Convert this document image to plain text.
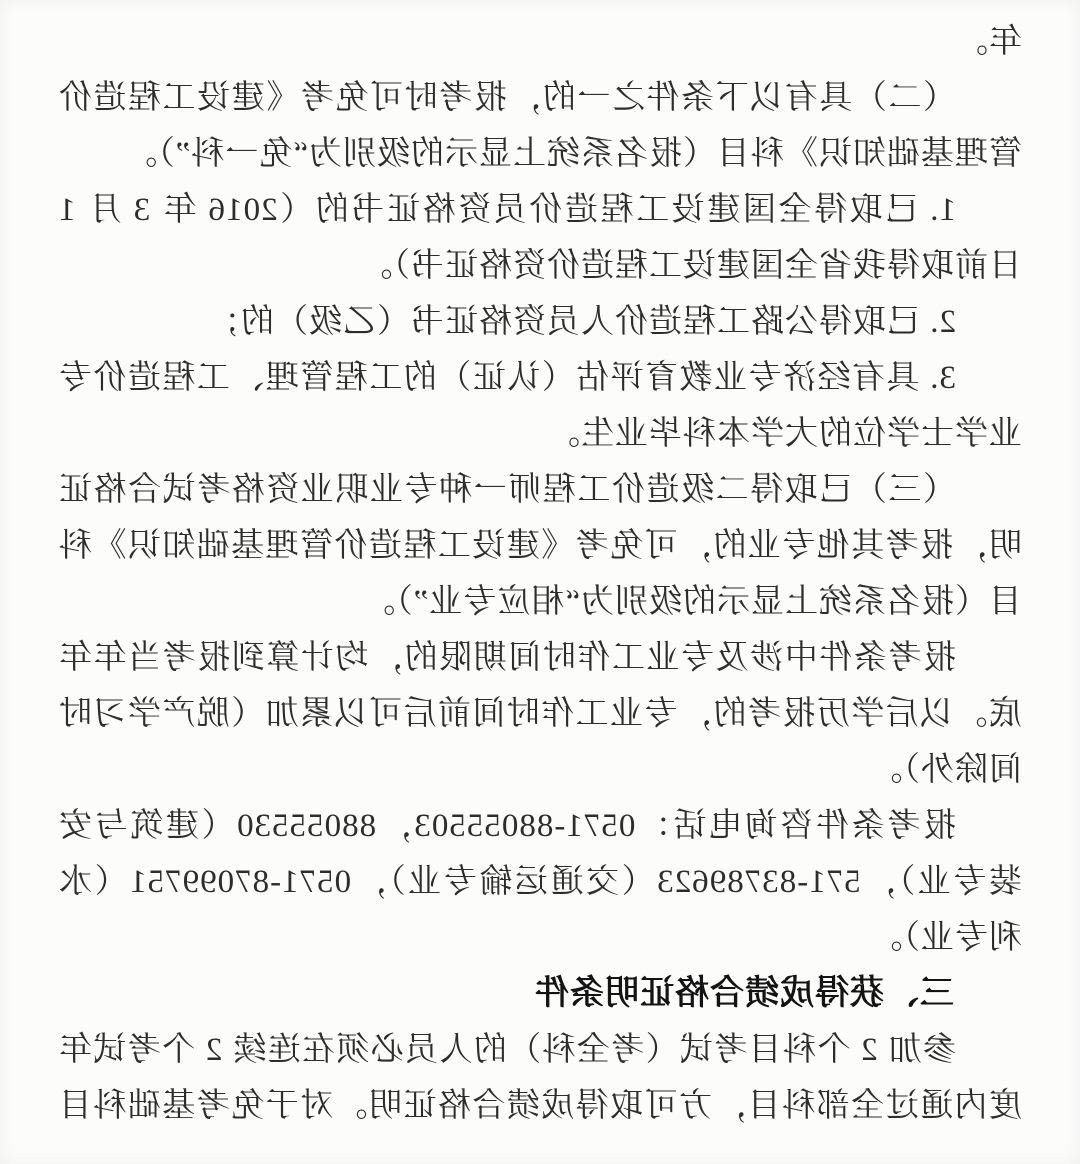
年。
（二）具有以下条件之一的，报考时可免考《建设工程造价
管理基础知识》科目（报名系统上显示的级别为“免一科”）。
1. 已取得全国建设工程造价员资格证书的（2016 年 3 月 1
日前取得我省全国建设工程造价资格证书）。
2. 已取得公路工程造价人员资格证书（乙级）的；
3. 具有经济专业教育评估（认证）的工程管理、工程造价专
业学士学位的大学本科毕业生。
（三）已取得二级造价工程师一种专业职业资格考试合格证
明，报考其他专业的，可免考《建设工程造价管理基础知识》科
目（报名系统上显示的级别为“相应专业”）。
报考条件中涉及专业工作时间期限的，均计算到报考当年年
底。以后学历报考的，专业工作时间前后可以累加（脱产学习时
间除外）。
报考条件咨询电话：0571-88055503，88055530（建筑与安
装专业），571-83789623（交通运输专业），0571-87099751（水
利专业）。
三、获得成绩合格证明条件
参加 2 个科目考试（考全科）的人员必须在连续 2 个考试年
度内通过全部科目，方可取得成绩合格证明。对于免考基础科目
